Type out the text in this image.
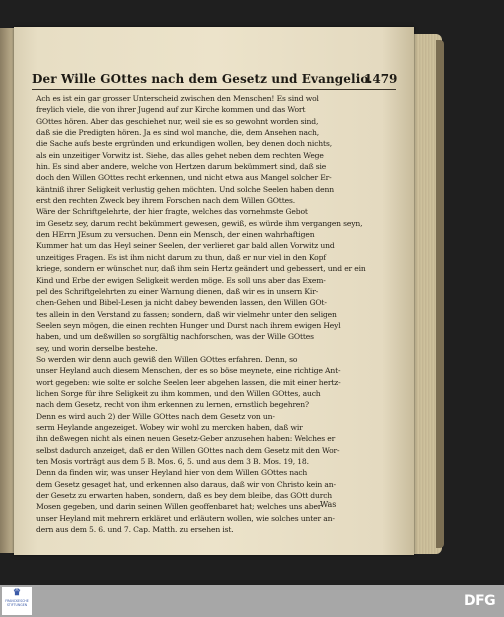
Der Wille GOttes nach dem Gesetz und Evangelio.
1479
Ach es ist ein gar grosser Unterscheid zwischen den Menschen! Es sind wol
freylich viele, die von ihrer Jugend auf zur Kirche kommen und das Wort
GOttes hören. Aber das geschiehet nur, weil sie es so gewohnt worden sind,
daß sie die Predigten hören. Ja es sind wol manche, die, dem Ansehen nach,
die Sache aufs beste ergründen und erkundigen wollen, bey denen doch nichts,
als ein unzeitiger Vorwitz ist. Siehe, das alles gehet neben dem rechten Wege
hin. Es sind aber andere, welche von Hertzen darum bekümmert sind, daß sie
doch den Willen GOttes recht erkennen, und nicht etwa aus Mangel solcher Er-
käntniß ihrer Seligkeit verlustig gehen möchten. Und solche Seelen haben denn
erst den rechten Zweck bey ihrem Forschen nach dem Willen GOttes.
Wäre der Schriftgelehrte, der hier fragte, welches das vornehmste Gebot
im Gesetz sey, darum recht bekümmert gewesen, gewiß, es würde ihm vergangen seyn,
den HErrn JEsum zu versuchen. Denn ein Mensch, der einen wahrhaftigen
Kummer hat um das Heyl seiner Seelen, der verlieret gar bald allen Vorwitz und
unzeitiges Fragen. Es ist ihm nicht darum zu thun, daß er nur viel in den Kopf
kriege, sondern er wünschet nur, daß ihm sein Hertz geändert und gebessert, und er ein
Kind und Erbe der ewigen Seligkeit werden möge. Es soll uns aber das Exem-
pel des Schriftgelehrten zu einer Warnung dienen, daß wir es in unsern Kir-
chen-Gehen und Bibel-Lesen ja nicht dabey bewenden lassen, den Willen GOt-
tes allein in den Verstand zu fassen; sondern, daß wir vielmehr unter den seligen
Seelen seyn mögen, die einen rechten Hunger und Durst nach ihrem ewigen Heyl
haben, und um deßwillen so sorgfältig nachforschen, was der Wille GOttes
sey, und worin derselbe bestehe.
So werden wir denn auch gewiß den Willen GOttes erfahren. Denn, so
unser Heyland auch diesem Menschen, der es so böse meynete, eine richtige Ant-
wort gegeben: wie solte er solche Seelen leer abgehen lassen, die mit einer hertz-
lichen Sorge für ihre Seligkeit zu ihm kommen, und den Willen GOttes, auch
nach dem Gesetz, recht von ihm erkennen zu lernen, ernstlich begehren?
Denn es wird auch 2) der Wille GOttes nach dem Gesetz von un-
serm Heylande angezeiget. Wobey wir wohl zu mercken haben, daß wir
ihn deßwegen nicht als einen neuen Gesetz-Geber anzusehen haben: Welches er
selbst dadurch anzeiget, daß er den Willen GOttes nach dem Gesetz mit den Wor-
ten Mosis vorträgt aus dem 5 B. Mos. 6, 5. und aus dem 3 B. Mos. 19, 18.
Denn da finden wir, was unser Heyland hier von dem Willen GOttes nach
dem Gesetz gesaget hat, und erkennen also daraus, daß wir von Christo kein an-
der Gesetz zu erwarten haben, sondern, daß es bey dem bleibe, das GOtt durch
Mosen gegeben, und darin seinen Willen geoffenbaret hat; welches uns aber
unser Heyland mit mehrern erkläret und erläutern wollen, wie solches unter an-
dern aus dem 5. 6. und 7. Cap. Matth. zu ersehen ist.
Was
♛
FRANCKESCHE STIFTUNGEN	DFG
